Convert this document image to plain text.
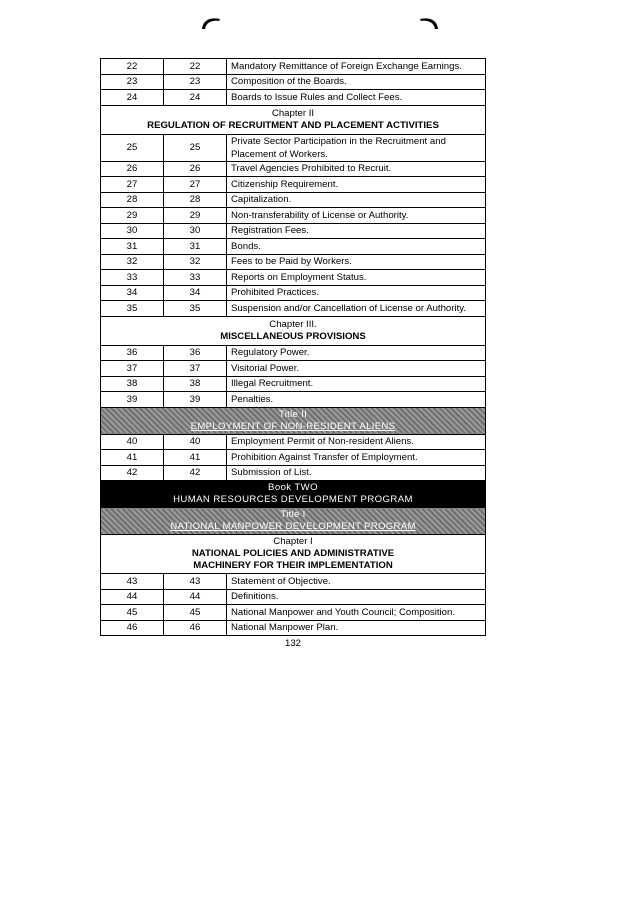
22	22	Mandatory Remittance of Foreign Exchange Earnings.
23	23	Composition of the Boards.
24	24	Boards to Issue Rules and Collect Fees.

Chapter II
REGULATION OF RECRUITMENT AND PLACEMENT ACTIVITIES		

25	25	Private Sector Participation in the Recruitment and
Placement of Workers.

26	26	Travel Agencies Prohibited to Recruit.
27	27	Citizenship Requirement.
28	28	Capitalization.
29	29	Non-transferability of License or Authority.
30	30	Registration Fees.
31	31	Bonds.
32	32	Fees to be Paid by Workers.
33	33	Reports on Employment Status.
34	34	Prohibited Practices.
35	35	Suspension and/or Cancellation of License or Authority.

Chapter III.
MISCELLANEOUS PROVISIONS		

36	36	Regulatory Power.
37	37	Visitorial Power.
38	38	Illegal Recruitment.
39	39	Penalties.

Title II
EMPLOYMENT OF NON-RESIDENT ALIENS		

40	40	Employment Permit of Non-resident Aliens.
41	41	Prohibition Against Transfer of Employment.
42	42	Submission of List.

Book TWO
HUMAN RESOURCES DEVELOPMENT PROGRAM		

Title I
NATIONAL MANPOWER DEVELOPMENT PROGRAM		

Chapter I
NATIONAL POLICIES AND ADMINISTRATIVE
MACHINERY FOR THEIR IMPLEMENTATION		

43	43	Statement of Objective.
44	44	Definitions.
45	45	National Manpower and Youth Council; Composition.
46	46	National Manpower Plan.
132
